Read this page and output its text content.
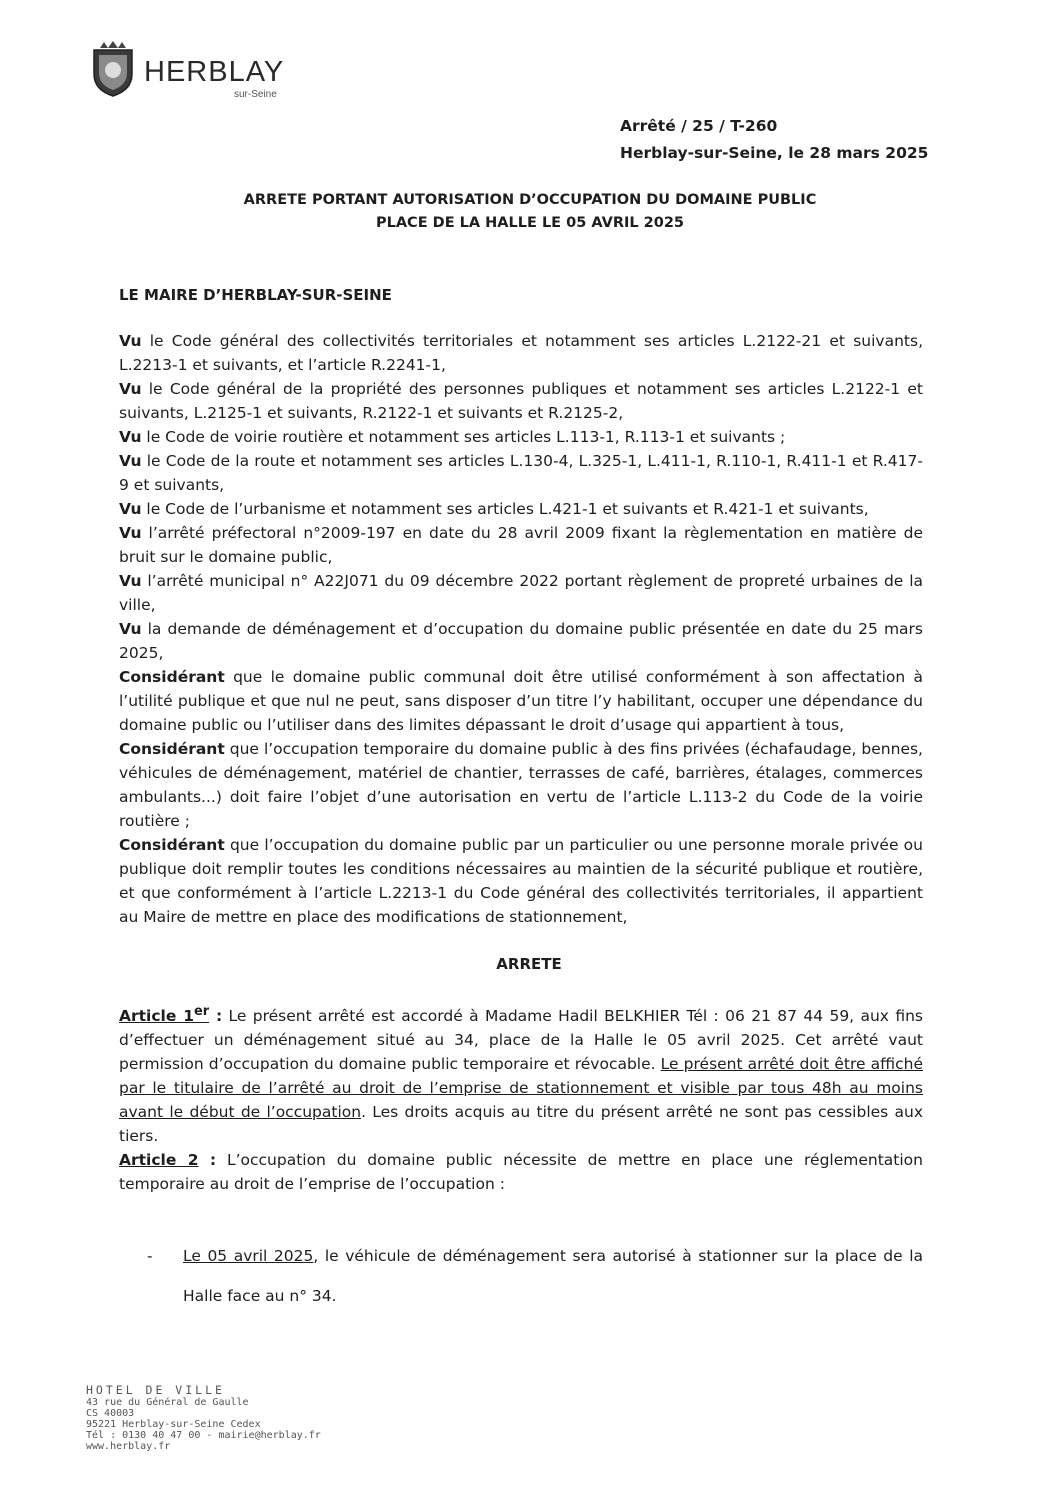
HERBLAY
sur-Seine
Arrêté / 25 / T-260
Herblay-sur-Seine, le 28 mars 2025
ARRETE PORTANT AUTORISATION D’OCCUPATION DU DOMAINE PUBLIC
PLACE DE LA HALLE LE 05 AVRIL 2025
LE MAIRE D’HERBLAY-SUR-SEINE

Vu le Code général des collectivités territoriales et notamment ses articles L.2122-21 et suivants, L.2213-1 et suivants, et l’article R.2241-1,

Vu le Code général de la propriété des personnes publiques et notamment ses articles L.2122-1 et suivants, L.2125-1 et suivants, R.2122-1 et suivants et R.2125-2,

Vu le Code de voirie routière et notamment ses articles L.113-1, R.113-1 et suivants ;

Vu le Code de la route et notamment ses articles L.130-4, L.325-1, L.411-1, R.110-1, R.411-1 et R.417-9 et suivants,

Vu le Code de l’urbanisme et notamment ses articles L.421-1 et suivants et R.421-1 et suivants,

Vu l’arrêté préfectoral n°2009-197 en date du 28 avril 2009 fixant la règlementation en matière de bruit sur le domaine public,

Vu l’arrêté municipal n° A22J071 du 09 décembre 2022 portant règlement de propreté urbaines de la ville,

Vu la demande de déménagement et d’occupation du domaine public présentée en date du 25 mars 2025,

Considérant que le domaine public communal doit être utilisé conformément à son affectation à l’utilité publique et que nul ne peut, sans disposer d’un titre l’y habilitant, occuper une dépendance du domaine public ou l’utiliser dans des limites dépassant le droit d’usage qui appartient à tous,

Considérant que l’occupation temporaire du domaine public à des fins privées (échafaudage, bennes, véhicules de déménagement, matériel de chantier, terrasses de café, barrières, étalages, commerces ambulants...) doit faire l’objet d’une autorisation en vertu de l’article L.113-2 du Code de la voirie routière ;

Considérant que l’occupation du domaine public par un particulier ou une personne morale privée ou publique doit remplir toutes les conditions nécessaires au maintien de la sécurité publique et routière, et que conformément à l’article L.2213-1 du Code général des collectivités territoriales, il appartient au Maire de mettre en place des modifications de stationnement,

ARRETE

Article 1er : Le présent arrêté est accordé à Madame Hadil BELKHIER Tél : 06 21 87 44 59, aux fins d’effectuer un déménagement situé au 34, place de la Halle le 05 avril 2025. Cet arrêté vaut permission d’occupation du domaine public temporaire et révocable. Le présent arrêté doit être affiché par le titulaire de l’arrêté au droit de l’emprise de stationnement et visible par tous 48h au moins avant le début de l’occupation. Les droits acquis au titre du présent arrêté ne sont pas cessibles aux tiers.

Article 2 : L’occupation du domaine public nécessite de mettre en place une réglementation temporaire au droit de l’emprise de l’occupation :

- Le 05 avril 2025, le véhicule de déménagement sera autorisé à stationner sur la place de la Halle face au n° 34.

HOTEL DE VILLE
43 rue du Général de Gaulle
CS 40003
95221 Herblay-sur-Seine Cedex
Tél : 0130 40 47 00 - mairie@herblay.fr
www.herblay.fr
